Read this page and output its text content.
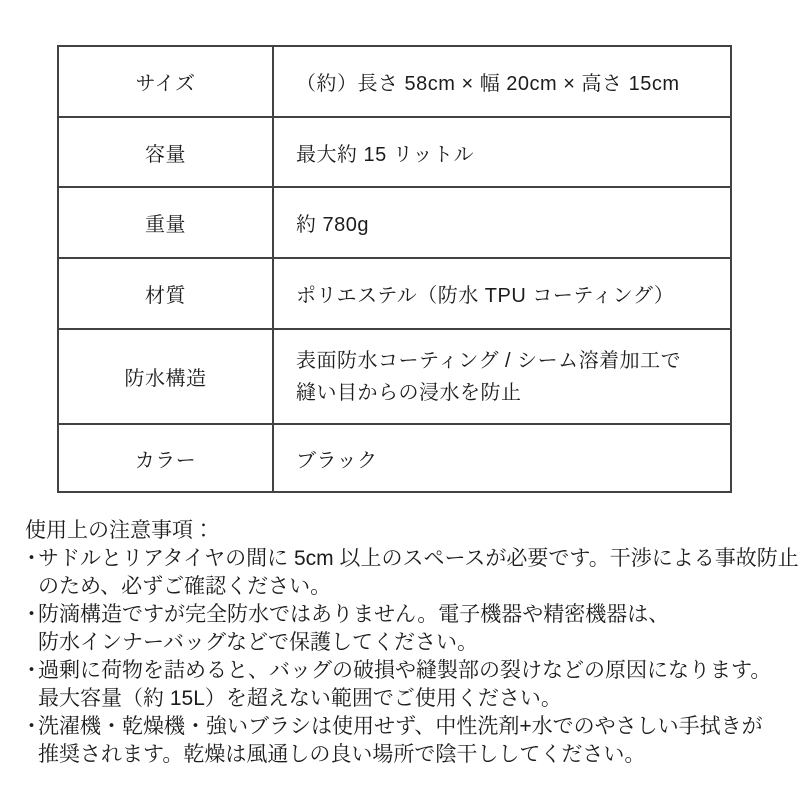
サイズ	（約）長さ 58cm × 幅 20cm × 高さ 15cm
容量	最大約 15 リットル
重量	約 780g
材質	ポリエステル（防水 TPU コーティング）
防水構造	表面防水コーティング / シーム溶着加工で
縫い目からの浸水を防止

カラー	ブラック
使用上の注意事項：
・
サドルとリアタイヤの間に 5cm 以上のスペースが必要です。干渉による事故防止
のため、必ずご確認ください。
・
防滴構造ですが完全防水ではありません。電子機器や精密機器は、
防水インナーバッグなどで保護してください。
・
過剰に荷物を詰めると、バッグの破損や縫製部の裂けなどの原因になります。
最大容量（約 15L）を超えない範囲でご使用ください。
・
洗濯機・乾燥機・強いブラシは使用せず、中性洗剤+水でのやさしい手拭きが
推奨されます。乾燥は風通しの良い場所で陰干ししてください。
